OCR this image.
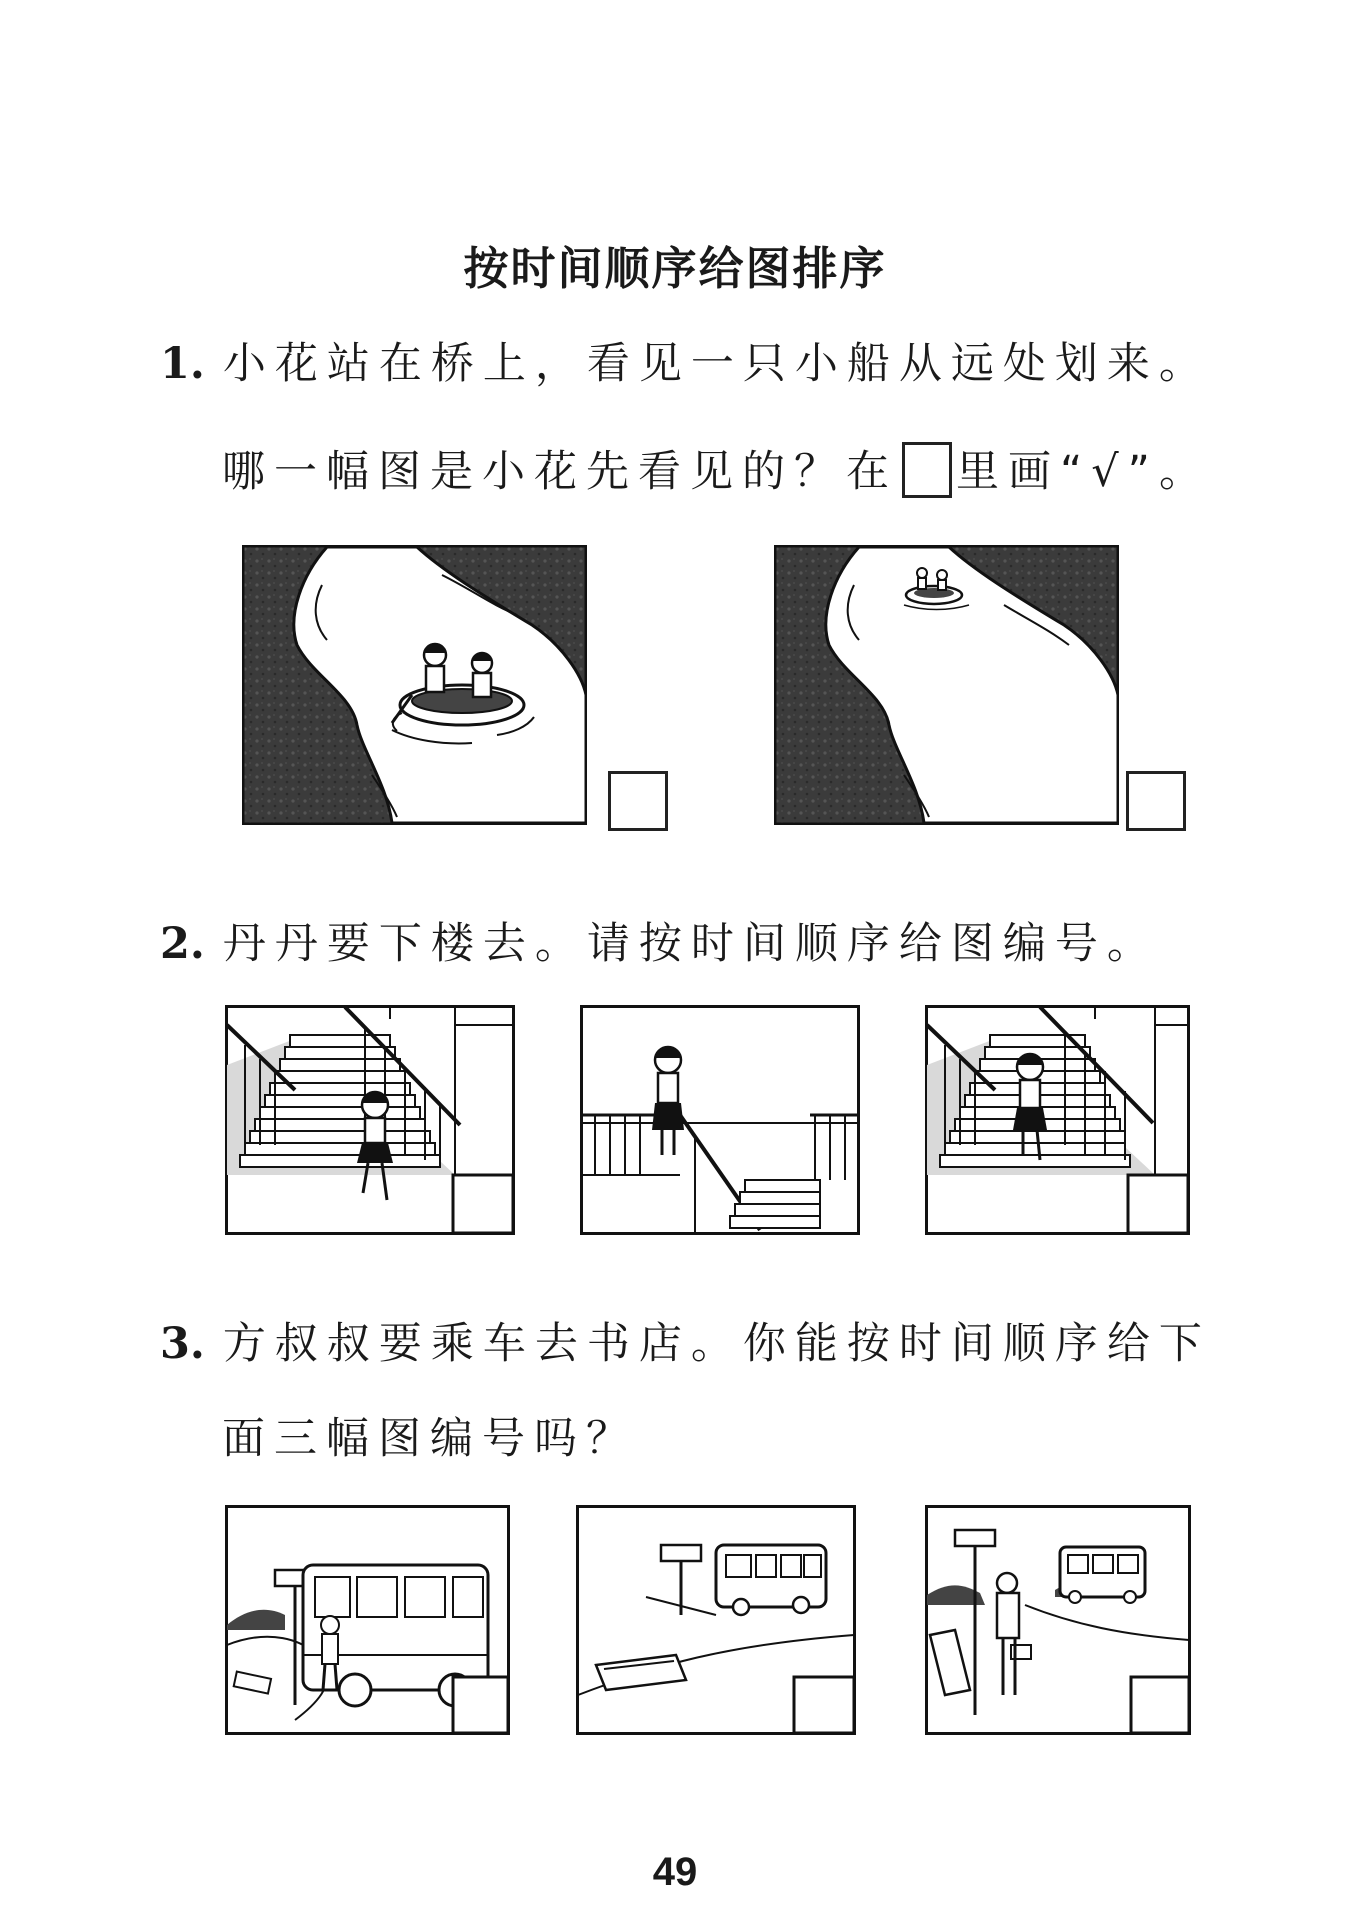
按时间顺序给图排序
1. 小花站在桥上，看见一只小船从远处划来。
哪一幅图是小花先看见的？在 里画“√”。
2. 丹丹要下楼去。请按时间顺序给图编号。
3. 方叔叔要乘车去书店。你能按时间顺序给下
面三幅图编号吗？
49
